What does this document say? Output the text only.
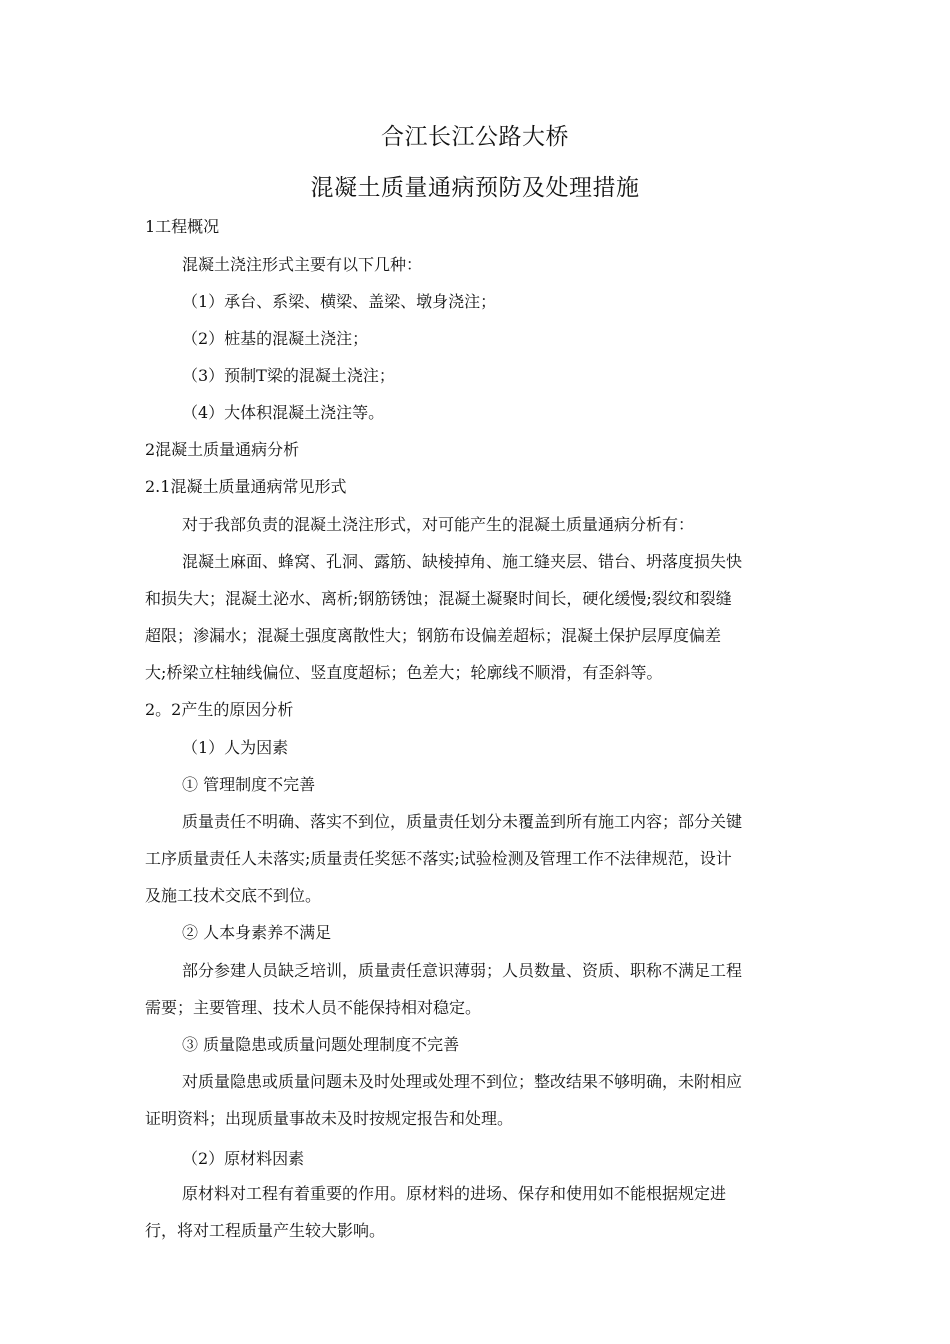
合江长江公路大桥
混凝土质量通病预防及处理措施
1工程概况
混凝土浇注形式主要有以下几种：
（1）承台、系梁、横梁、盖梁、墩身浇注；
（2）桩基的混凝土浇注；
（3）预制T梁的混凝土浇注；
（4）大体积混凝土浇注等。
2混凝土质量通病分析
2.1混凝土质量通病常见形式
对于我部负责的混凝土浇注形式，对可能产生的混凝土质量通病分析有：
混凝土麻面、蜂窝、孔洞、露筋、缺棱掉角、施工缝夹层、错台、坍落度损失快
和损失大；混凝土泌水、离析;钢筋锈蚀；混凝土凝聚时间长，硬化缓慢;裂纹和裂缝
超限；渗漏水；混凝土强度离散性大；钢筋布设偏差超标；混凝土保护层厚度偏差
大;桥梁立柱轴线偏位、竖直度超标；色差大；轮廓线不顺滑，有歪斜等。
2。2产生的原因分析
（1）人为因素
① 管理制度不完善
质量责任不明确、落实不到位，质量责任划分未覆盖到所有施工内容；部分关键
工序质量责任人未落实;质量责任奖惩不落实;试验检测及管理工作不法律规范，设计
及施工技术交底不到位。
② 人本身素养不满足
部分参建人员缺乏培训，质量责任意识薄弱；人员数量、资质、职称不满足工程
需要；主要管理、技术人员不能保持相对稳定。
③ 质量隐患或质量问题处理制度不完善
对质量隐患或质量问题未及时处理或处理不到位；整改结果不够明确，未附相应
证明资料；出现质量事故未及时按规定报告和处理。
（2）原材料因素
原材料对工程有着重要的作用。原材料的进场、保存和使用如不能根据规定进
行，将对工程质量产生较大影响。
